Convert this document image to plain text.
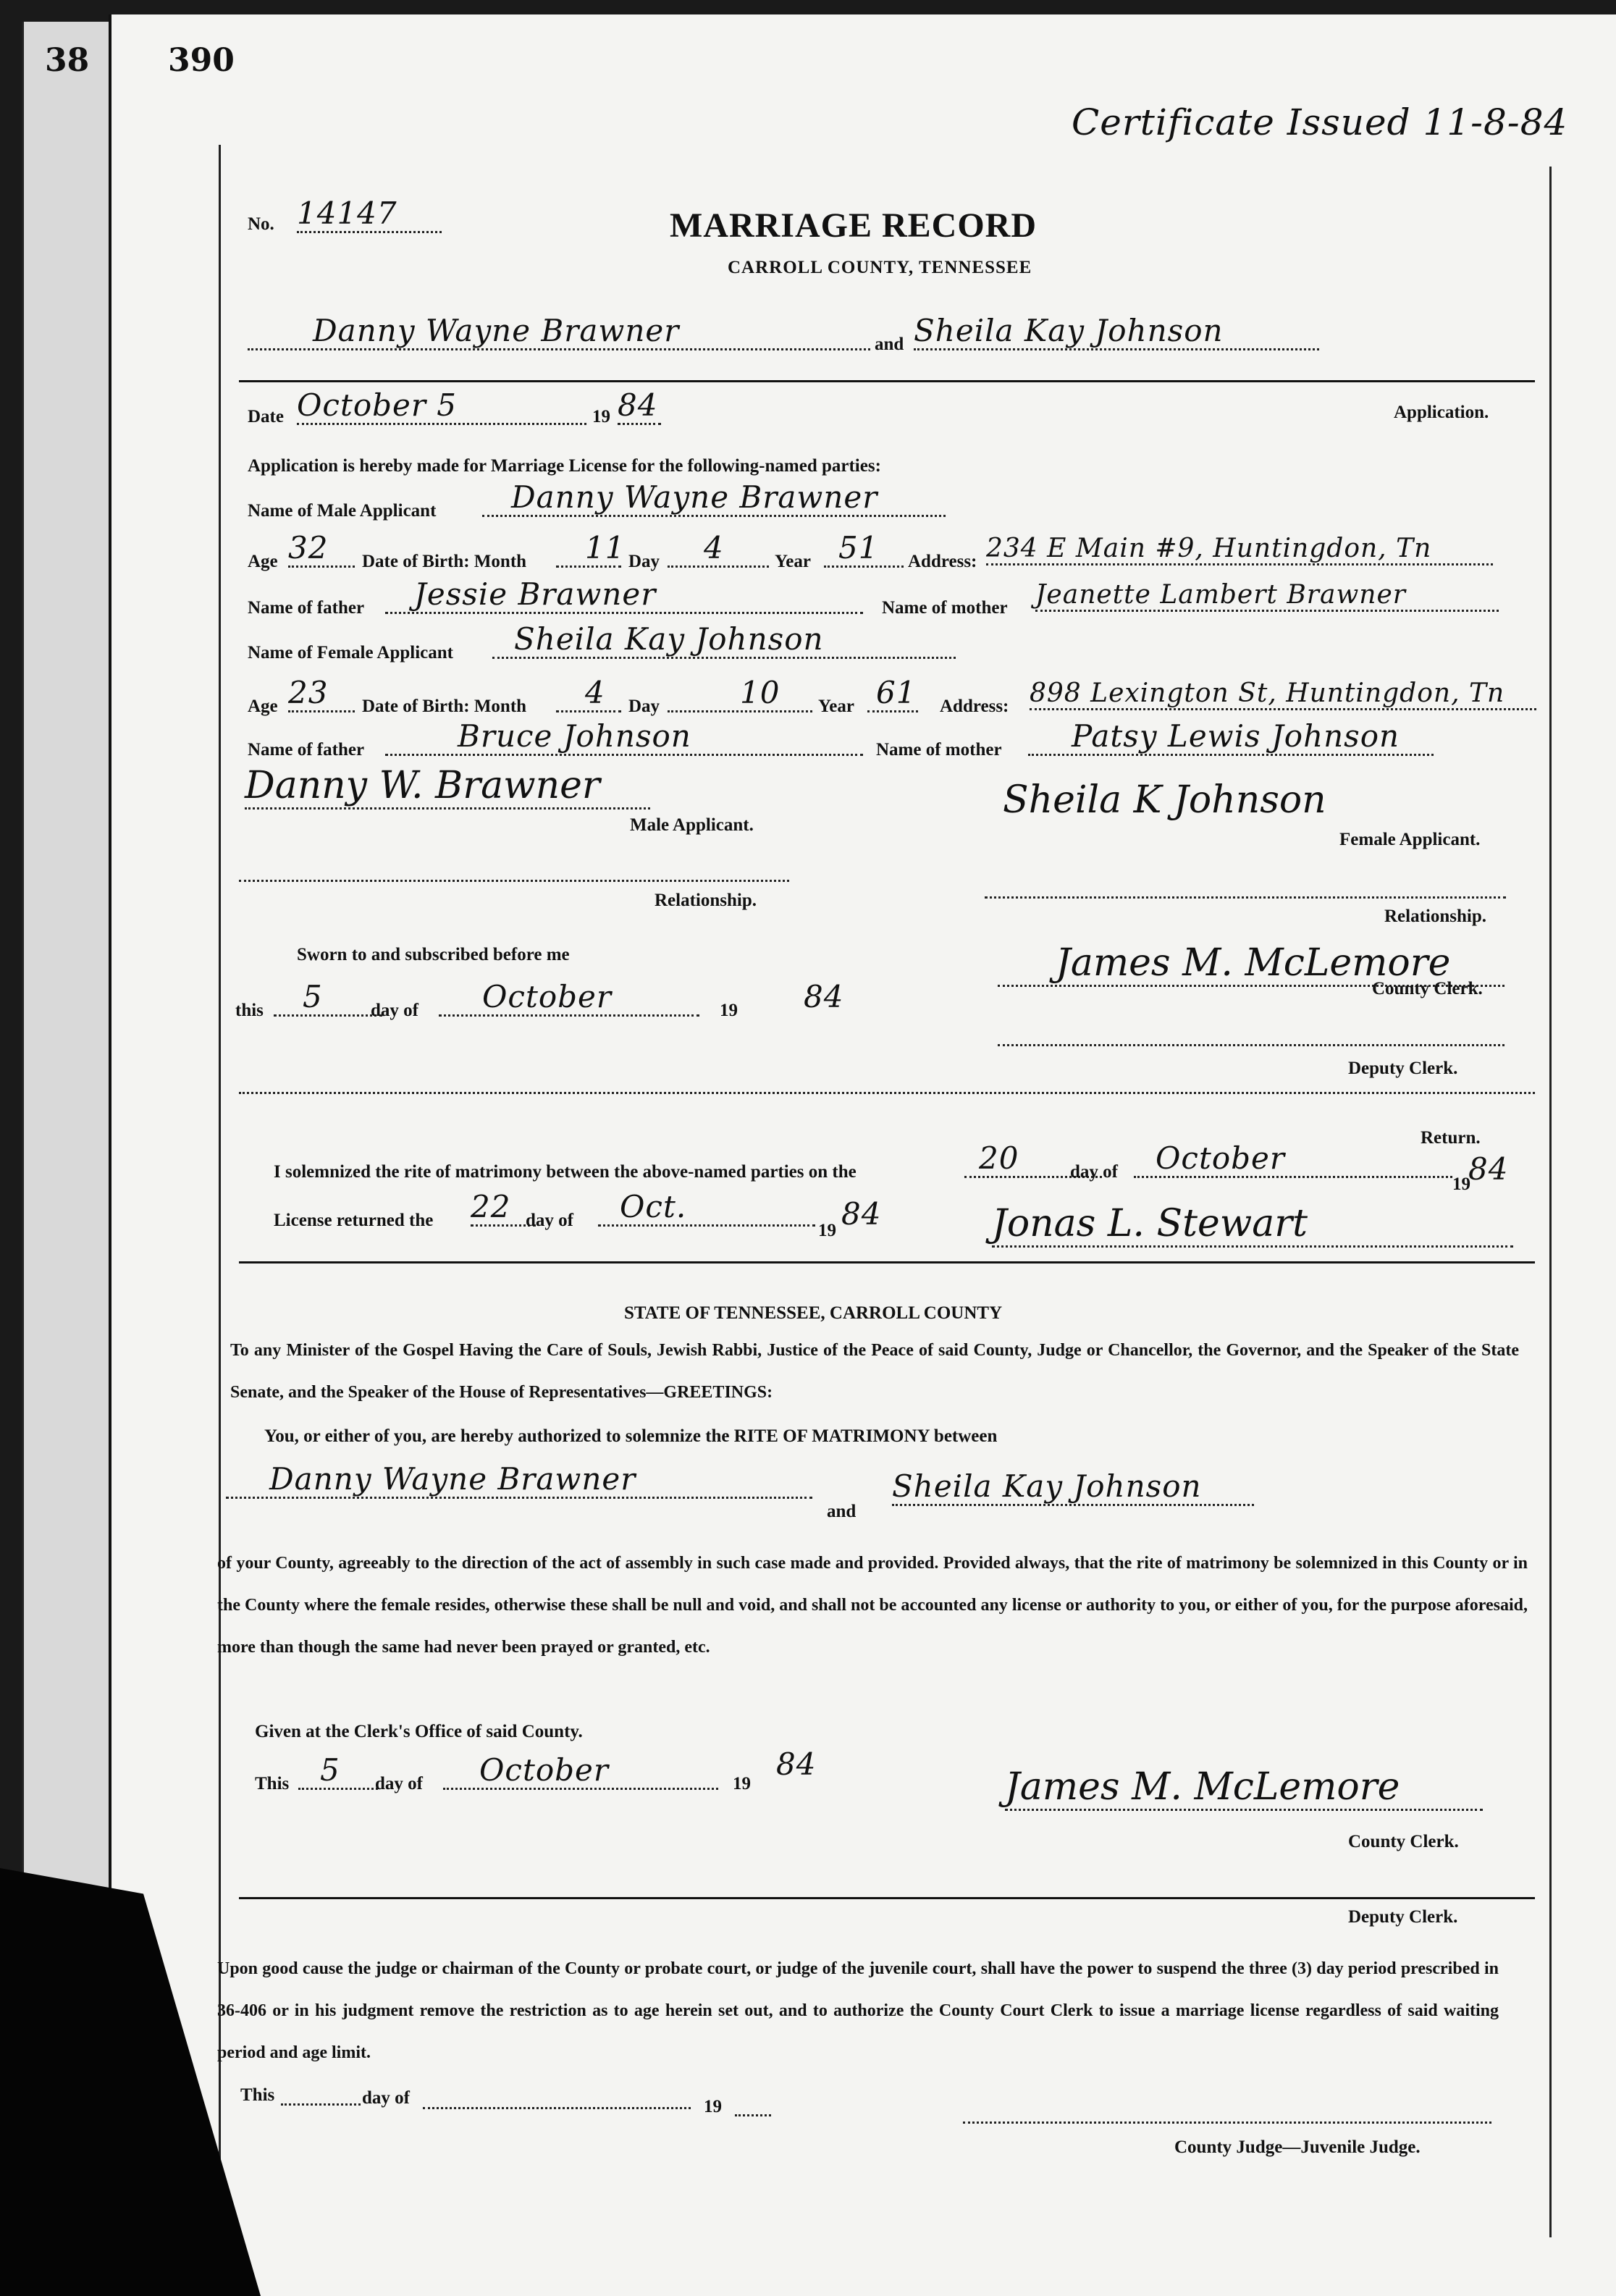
38 390
Certificate Issued 11-8-84
No. 14147	MARRIAGE RECORD
CARROLL COUNTY, TENNESSEE
Danny Wayne Brawner	and Sheila Kay Johnson
Date October 5	19 84	Application.
Application is hereby made for Marriage License for the following-named parties:
Name of Male Applicant	Danny Wayne Brawner
Age 32	Date of Birth: Month	11 Day	4	Year 51	Address: 234 E Main #9, Huntingdon, Tn
Name of father	Jessie Brawner	Name of mother Jeanette Lambert Brawner
Name of Female Applicant	Sheila Kay Johnson
Age 23	Date of Birth: Month	4	Day	10	Year 61 Address: 898 Lexington St, Huntingdon, Tn
Name of father	Bruce Johnson	Name of mother	Patsy Lewis Johnson
Danny W. Brawner
Male Applicant.
Sheila K Johnson
Female Applicant.
Relationship.
Relationship.
Sworn to and subscribed before me
this	5	day of	October	19 84
James M. McLemore
County Clerk.
Deputy Clerk.
Return.
I solemnized the rite of matrimony between the above-named parties on the	20	day of	October
19
84
License returned the 22 day of	Oct.
19 84	Jonas L. Stewart
STATE OF TENNESSEE, CARROLL COUNTY
To any Minister of the Gospel Having the Care of Souls, Jewish Rabbi, Justice of the Peace of said County, Judge or Chancellor, the Governor, and the Speaker of the State Senate, and the Speaker of the House of Representatives—GREETINGS:
You, or either of you, are hereby authorized to solemnize the RITE OF MATRIMONY between
Danny Wayne Brawner
and
Sheila Kay Johnson
of your County, agreeably to the direction of the act of assembly in such case made and provided. Provided always, that the rite of matrimony be solemnized in this County or in the County where the female resides, otherwise these shall be null and void, and shall not be accounted any license or authority to you, or either of you, for the purpose aforesaid, more than though the same had never been prayed or granted, etc.
Given at the Clerk's Office of said County.
This	5	day of	October	19
84
James M. McLemore
County Clerk.
Deputy Clerk.
Upon good cause the judge or chairman of the County or probate court, or judge of the juvenile court, shall have the power to suspend the three (3) day period prescribed in 36-406 or in his judgment remove the restriction as to age herein set out, and to authorize the County Court Clerk to issue a marriage license regardless of said waiting period and age limit.
This	day of	19
County Judge—Juvenile Judge.
